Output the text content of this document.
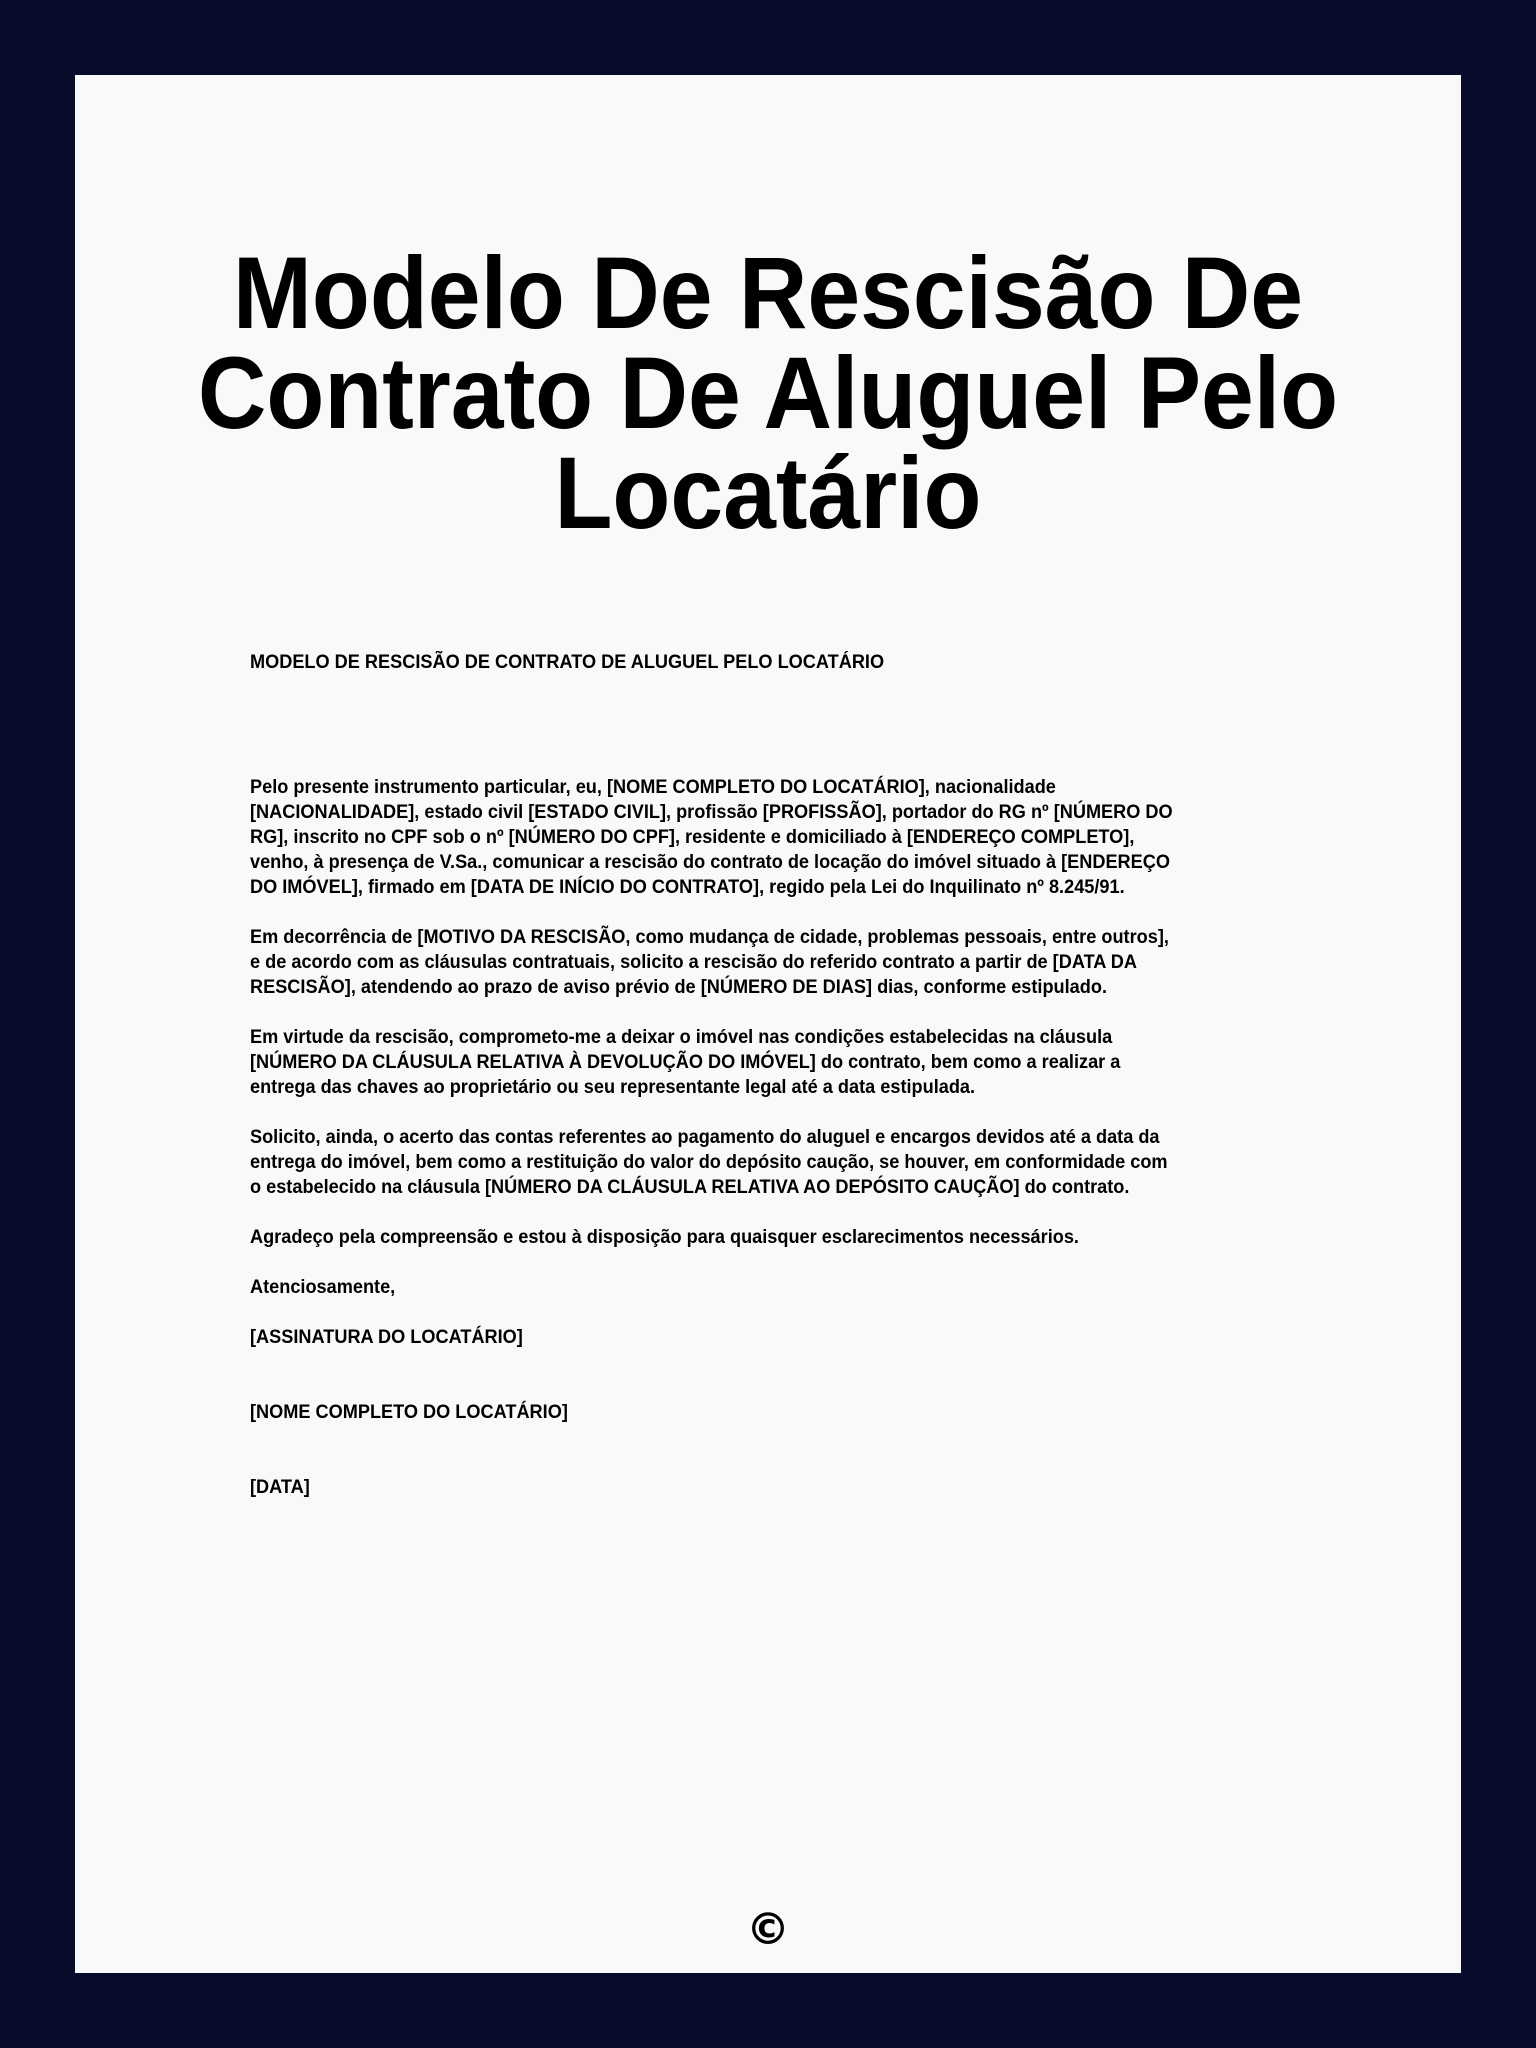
Modelo De Rescisão De
Contrato De Aluguel Pelo
Locatário

MODELO DE RESCISÃO DE CONTRATO DE ALUGUEL PELO LOCATÁRIO

Pelo presente instrumento particular, eu, [NOME COMPLETO DO LOCATÁRIO], nacionalidade
[NACIONALIDADE], estado civil [ESTADO CIVIL], profissão [PROFISSÃO], portador do RG nº [NÚMERO DO
RG], inscrito no CPF sob o nº [NÚMERO DO CPF], residente e domiciliado à [ENDEREÇO COMPLETO],
venho, à presença de V.Sa., comunicar a rescisão do contrato de locação do imóvel situado à [ENDEREÇO
DO IMÓVEL], firmado em [DATA DE INÍCIO DO CONTRATO], regido pela Lei do Inquilinato nº 8.245/91.

Em decorrência de [MOTIVO DA RESCISÃO, como mudança de cidade, problemas pessoais, entre outros],
e de acordo com as cláusulas contratuais, solicito a rescisão do referido contrato a partir de [DATA DA
RESCISÃO], atendendo ao prazo de aviso prévio de [NÚMERO DE DIAS] dias, conforme estipulado.

Em virtude da rescisão, comprometo-me a deixar o imóvel nas condições estabelecidas na cláusula
[NÚMERO DA CLÁUSULA RELATIVA À DEVOLUÇÃO DO IMÓVEL] do contrato, bem como a realizar a
entrega das chaves ao proprietário ou seu representante legal até a data estipulada.

Solicito, ainda, o acerto das contas referentes ao pagamento do aluguel e encargos devidos até a data da
entrega do imóvel, bem como a restituição do valor do depósito caução, se houver, em conformidade com
o estabelecido na cláusula [NÚMERO DA CLÁUSULA RELATIVA AO DEPÓSITO CAUÇÃO] do contrato.

Agradeço pela compreensão e estou à disposição para quaisquer esclarecimentos necessários.

Atenciosamente,

[ASSINATURA DO LOCATÁRIO]

[NOME COMPLETO DO LOCATÁRIO]

[DATA]

©
